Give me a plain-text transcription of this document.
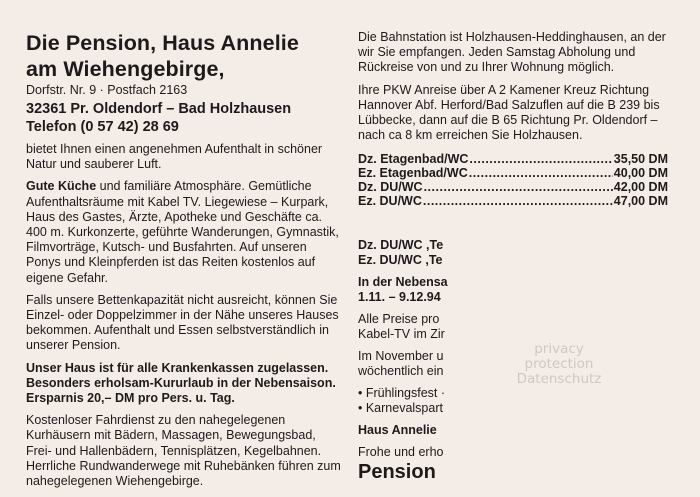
Die Pension, Haus Annelie
am Wiehengebirge,
Dorfstr. Nr. 9 · Postfach 2163
32361 Pr. Oldendorf – Bad Holzhausen
Telefon (0 57 42) 28 69

bietet Ihnen einen angenehmen Aufenthalt in schöner Natur und sauberer Luft.

Gute Küche und familiäre Atmosphäre. Gemütliche Aufenthaltsräume mit Kabel TV. Liegewiese – Kurpark, Haus des Gastes, Ärzte, Apotheke und Geschäfte ca. 400 m. Kurkonzerte, geführte Wanderungen, Gymnastik, Filmvorträge, Kutsch- und Busfahrten. Auf unseren Ponys und Kleinpferden ist das Reiten kostenlos auf eigene Gefahr.

Falls unsere Bettenkapazität nicht ausreicht, können Sie Einzel- oder Doppelzimmer in der Nähe unseres Hauses bekommen. Aufenthalt und Essen selbstverständlich in unserer Pension.

Unser Haus ist für alle Krankenkassen zugelassen. Besonders erholsam-Kururlaub in der Nebensaison. Ersparnis 20,– DM pro Pers. u. Tag.

Kostenloser Fahrdienst zu den nahegelegenen Kurhäusern mit Bädern, Massagen, Bewegungsbad, Frei- und Hallenbädern, Tennisplätzen, Kegelbahnen. Herrliche Rundwanderwege mit Ruhebänken führen zum nahegelegenen Wiehengebirge.

Die Bahnstation ist Holzhausen-Heddinghausen, an der wir Sie empfangen. Jeden Samstag Abholung und Rückreise von und zu Ihrer Wohnung möglich.

Ihre PKW Anreise über A 2 Kamener Kreuz Richtung Hannover Abf. Herford/Bad Salzuflen auf die B 239 bis Lübbecke, dann auf die B 65 Richtung Pr. Oldendorf – nach ca 8 km erreichen Sie Holzhausen.

Dz. Etagenbad/WC .....	35,50 DM
Ez. Etagenbad/WC .....	40,00 DM
Dz. DU/WC .....	42,00 DM
Ez. DU/WC .....	47,00 DM
Dz. DU/WC ,Te
Ez. DU/WC ,Te
In der Nebensa
1.11. – 9.12.94
Alle Preise pro
Kabel-TV im Zir
Im November u
wöchentlich ein
• Frühlingsfest ·
• Karnevalspart
Haus Annelie
Frohe und erho
Pension
privacy protection
Datenschutz
